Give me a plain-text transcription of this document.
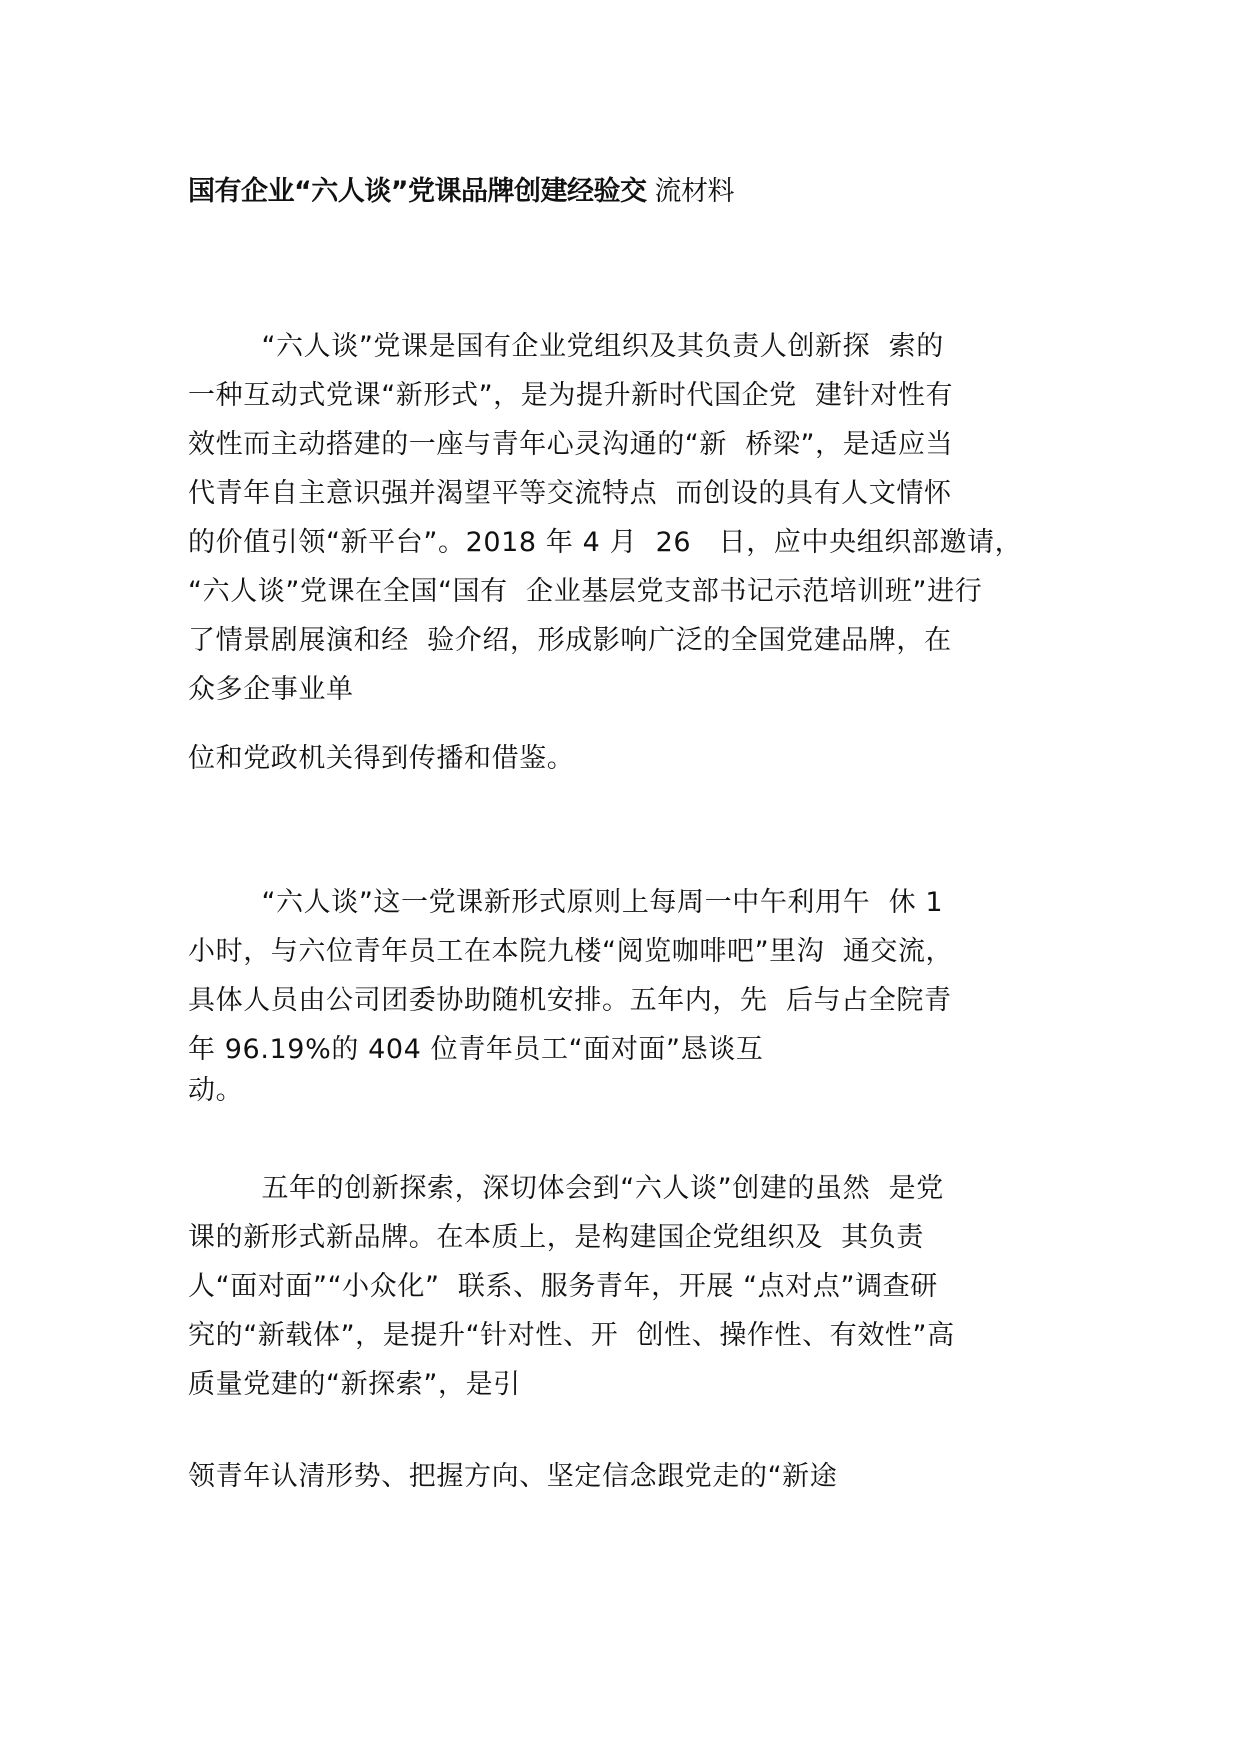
国有企业“六人谈”党课品牌创建经验交 流材料
“六人谈”党课是国有企业党组织及其负责人创新探  索的
一种互动式党课“新形式”，是为提升新时代国企党  建针对性有
效性而主动搭建的一座与青年心灵沟通的“新  桥梁”，是适应当
代青年自主意识强并渴望平等交流特点  而创设的具有人文情怀
的价值引领“新平台”。2018 年 4 月  26   日，应中央组织部邀请，
“六人谈”党课在全国“国有  企业基层党支部书记示范培训班”进行
了情景剧展演和经  验介绍，形成影响广泛的全国党建品牌，在
众多企事业单
位和党政机关得到传播和借鉴。
“六人谈”这一党课新形式原则上每周一中午利用午  休 1
小时，与六位青年员工在本院九楼“阅览咖啡吧”里沟  通交流，
具体人员由公司团委协助随机安排。五年内，先  后与占全院青
年 96.19%的 404 位青年员工“面对面”恳谈互
动。
五年的创新探索，深切体会到“六人谈”创建的虽然  是党
课的新形式新品牌。在本质上，是构建国企党组织及  其负责
人“面对面”“小众化”  联系、服务青年，开展 “点对点”调查研
究的“新载体”，是提升“针对性、开  创性、操作性、有效性”高
质量党建的“新探索”，是引
领青年认清形势、把握方向、坚定信念跟党走的“新途
